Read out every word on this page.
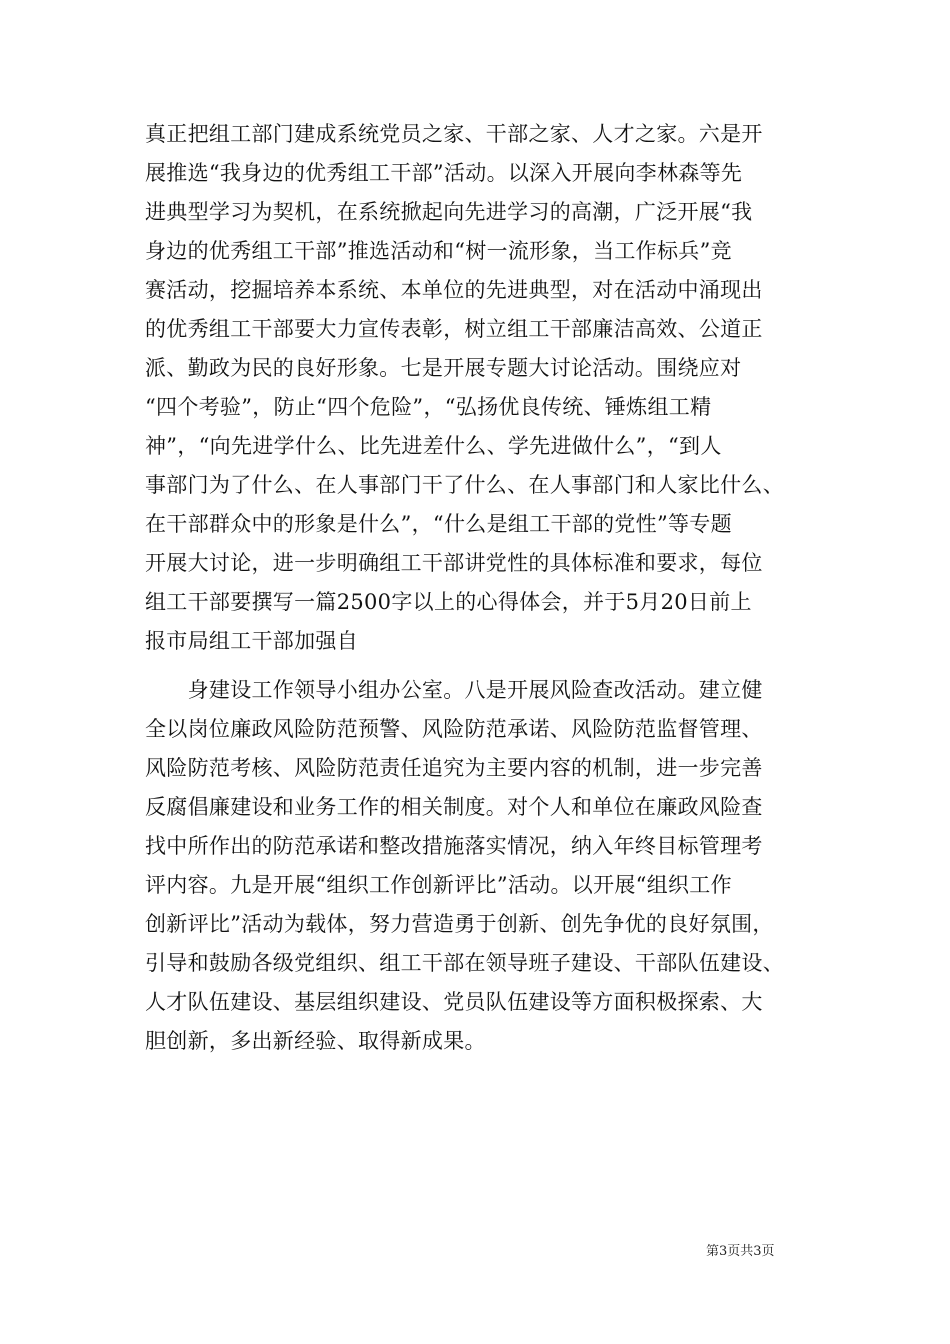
真正把组工部门建成系统党员之家、干部之家、人才之家。六是开
展推选“我身边的优秀组工干部”活动。以深入开展向李林森等先
进典型学习为契机，在系统掀起向先进学习的高潮，广泛开展“我
身边的优秀组工干部”推选活动和“树一流形象，当工作标兵”竞
赛活动，挖掘培养本系统、本单位的先进典型，对在活动中涌现出
的优秀组工干部要大力宣传表彰，树立组工干部廉洁高效、公道正
派、勤政为民的良好形象。七是开展专题大讨论活动。围绕应对
“四个考验”，防止“四个危险”，“弘扬优良传统、锤炼组工精
神”，“向先进学什么、比先进差什么、学先进做什么”，“到人
事部门为了什么、在人事部门干了什么、在人事部门和人家比什么、
在干部群众中的形象是什么”，“什么是组工干部的党性”等专题
开展大讨论，进一步明确组工干部讲党性的具体标准和要求，每位
组工干部要撰写一篇2500字以上的心得体会，并于5月20日前上
报市局组工干部加强自
　　身建设工作领导小组办公室。八是开展风险查改活动。建立健
全以岗位廉政风险防范预警、风险防范承诺、风险防范监督管理、
风险防范考核、风险防范责任追究为主要内容的机制，进一步完善
反腐倡廉建设和业务工作的相关制度。对个人和单位在廉政风险查
找中所作出的防范承诺和整改措施落实情况，纳入年终目标管理考
评内容。九是开展“组织工作创新评比”活动。以开展“组织工作
创新评比”活动为载体，努力营造勇于创新、创先争优的良好氛围，
引导和鼓励各级党组织、组工干部在领导班子建设、干部队伍建设、
人才队伍建设、基层组织建设、党员队伍建设等方面积极探索、大
胆创新，多出新经验、取得新成果。
第3页共3页
